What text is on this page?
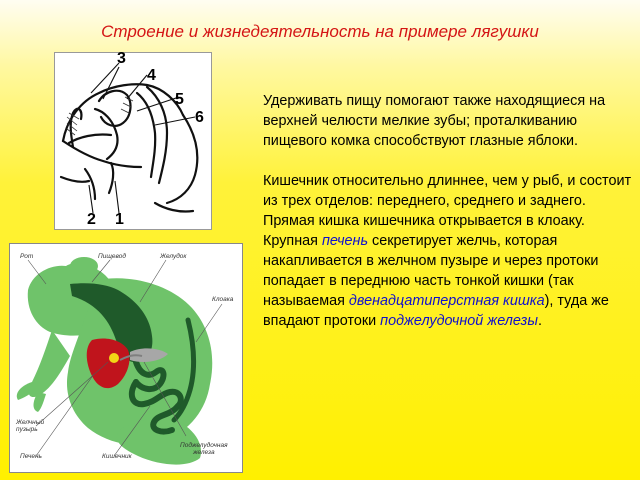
Строение и жизнедеятельность на примере лягушки
3
4
5
6
2 1
Рот	Пищевод	Желудок
Клоака
Желчный
пузырь
Поджелудочная
железа
Печень	Кишечник

Удерживать пищу помогают также находящиеся на верхней челюсти мелкие зубы; проталкиванию пищевого комка способствуют глазные яблоки.

Кишечник относительно длиннее, чем у рыб, и состоит из трех отделов: переднего, среднего и заднего. Прямая кишка кишечника открывается в клоаку. Крупная печень секретирует желчь, которая накапливается в желчном пузыре и через протоки попадает в переднюю часть тонкой кишки (так называемая двенадцатиперстная кишка), туда же впадают протоки поджелудочной железы.
